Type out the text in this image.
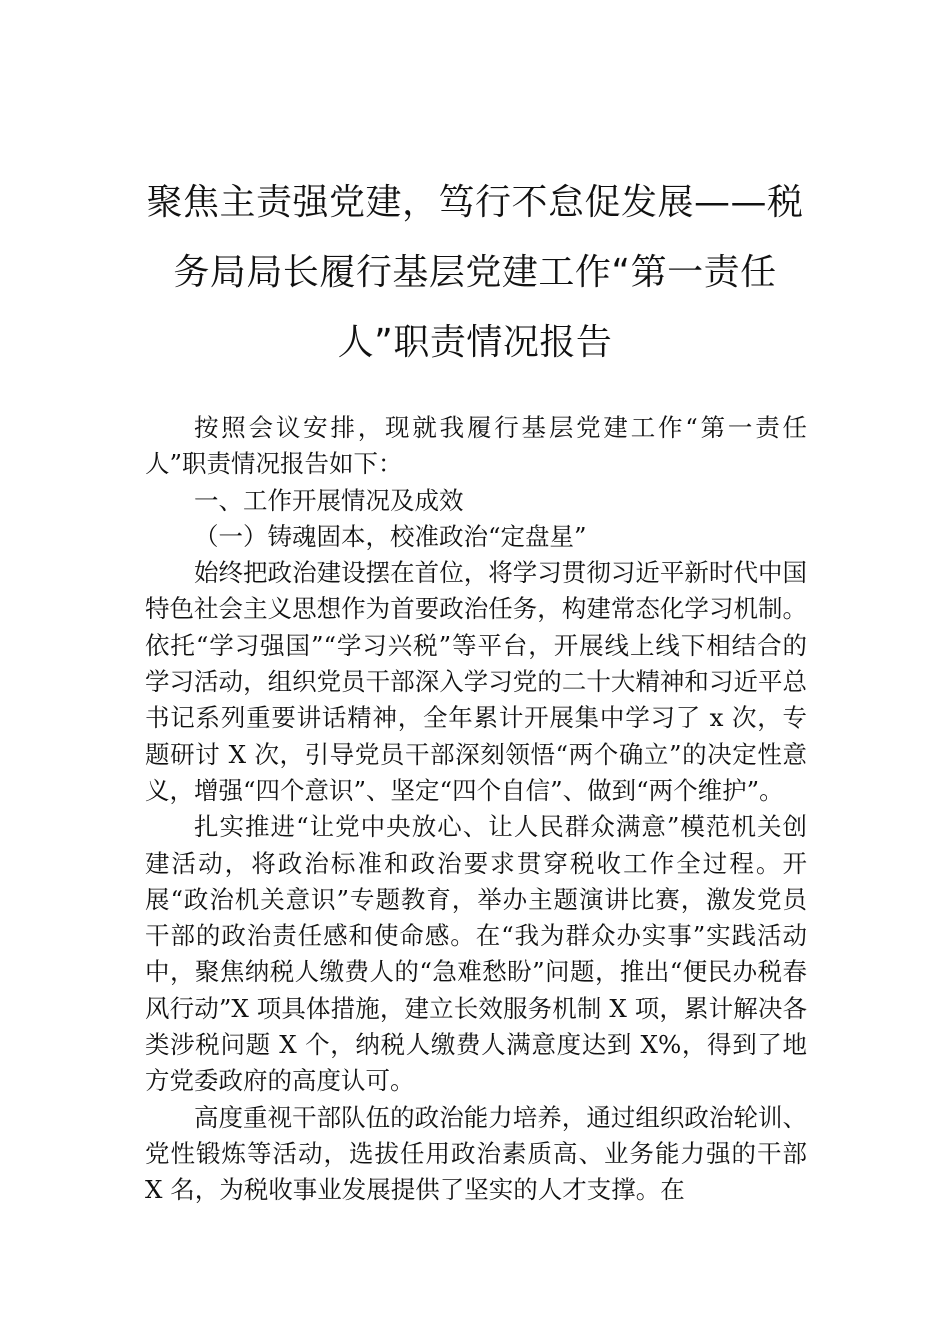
聚焦主责强党建，笃行不怠促发展——税务局局长履行基层党建工作“第一责任人”职责情况报告

按照会议安排，现就我履行基层党建工作“第一责任人”职责情况报告如下：

一、工作开展情况及成效

（一）铸魂固本，校准政治“定盘星”

始终把政治建设摆在首位，将学习贯彻习近平新时代中国特色社会主义思想作为首要政治任务，构建常态化学习机制。依托“学习强国”“学习兴税”等平台，开展线上线下相结合的学习活动，组织党员干部深入学习党的二十大精神和习近平总书记系列重要讲话精神，全年累计开展集中学习了 x 次，专题研讨 X 次，引导党员干部深刻领悟“两个确立”的决定性意义，增强“四个意识”、坚定“四个自信”、做到“两个维护”。

扎实推进“让党中央放心、让人民群众满意”模范机关创建活动，将政治标准和政治要求贯穿税收工作全过程。开展“政治机关意识”专题教育，举办主题演讲比赛，激发党员干部的政治责任感和使命感。在“我为群众办实事”实践活动中，聚焦纳税人缴费人的“急难愁盼”问题，推出“便民办税春风行动”X 项具体措施，建立长效服务机制 X 项，累计解决各类涉税问题 X 个，纳税人缴费人满意度达到 X%，得到了地方党委政府的高度认可。

高度重视干部队伍的政治能力培养，通过组织政治轮训、党性锻炼等活动，选拔任用政治素质高、业务能力强的干部 X 名，为税收事业发展提供了坚实的人才支撑。在
